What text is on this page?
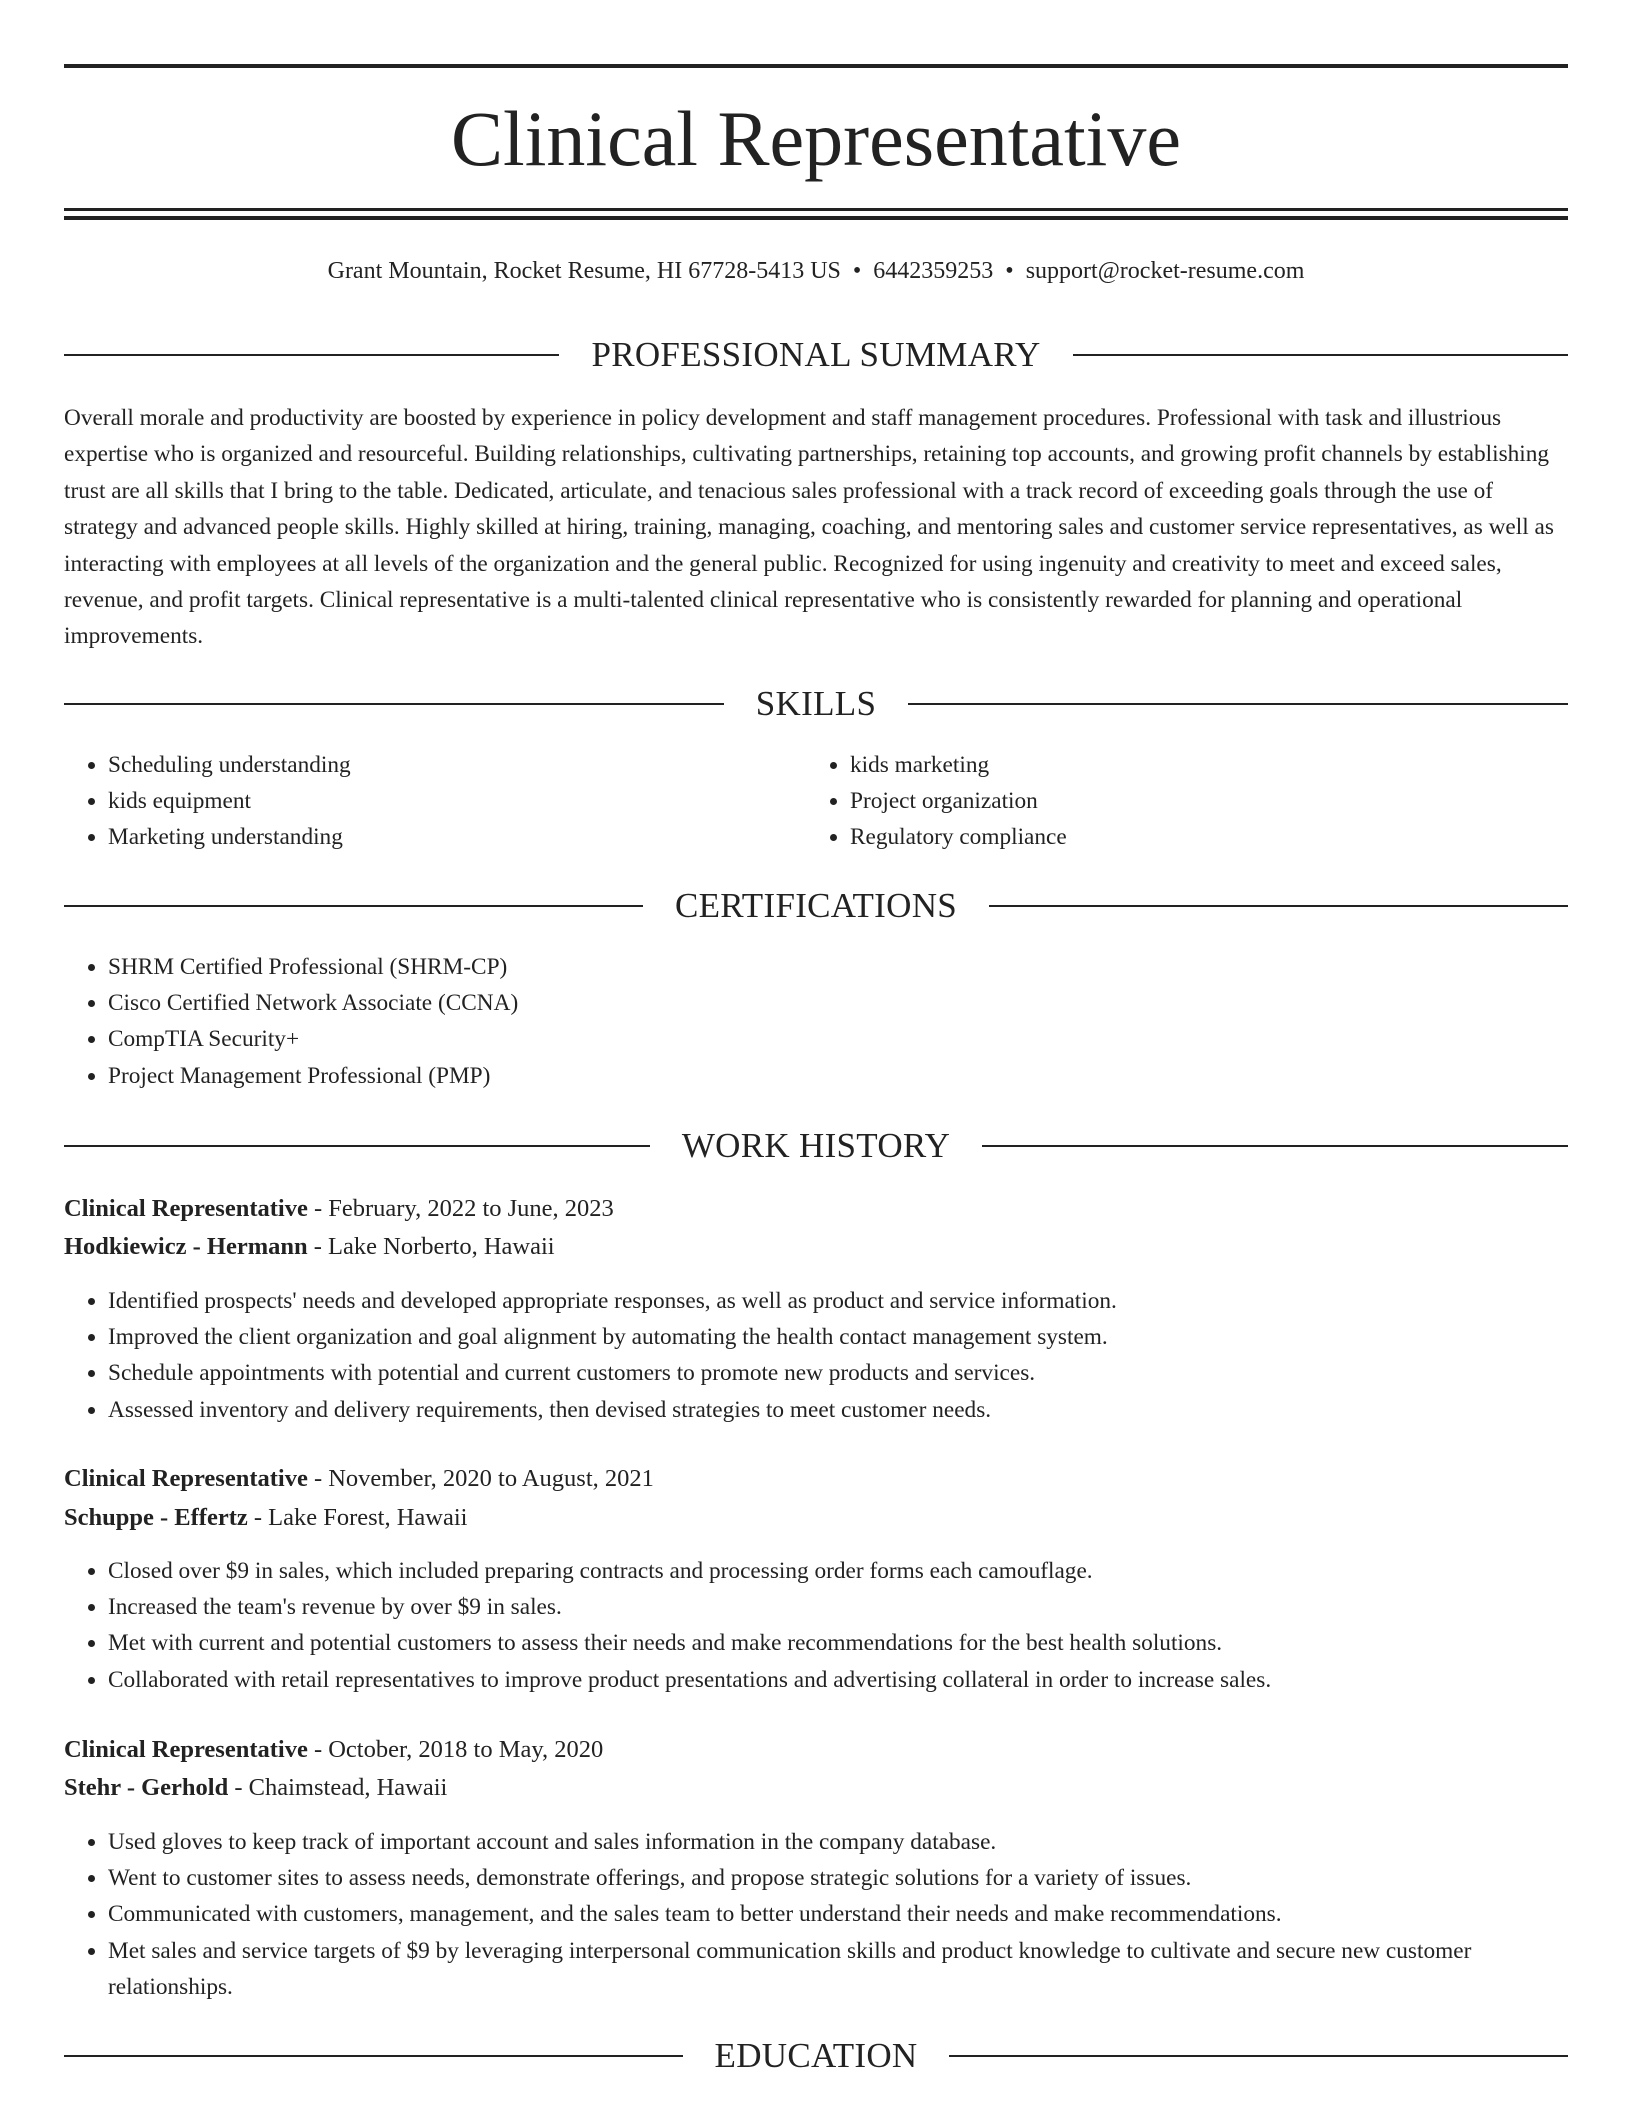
Clinical Representative
Grant Mountain, Rocket Resume, HI 67728-5413 US • 6442359253 • support@rocket-resume.com
PROFESSIONAL SUMMARY

Overall morale and productivity are boosted by experience in policy development and staff management procedures. Professional with task and illustrious expertise who is organized and resourceful. Building relationships, cultivating partnerships, retaining top accounts, and growing profit channels by establishing trust are all skills that I bring to the table. Dedicated, articulate, and tenacious sales professional with a track record of exceeding goals through the use of strategy and advanced people skills. Highly skilled at hiring, training, managing, coaching, and mentoring sales and customer service representatives, as well as interacting with employees at all levels of the organization and the general public. Recognized for using ingenuity and creativity to meet and exceed sales, revenue, and profit targets. Clinical representative is a multi-talented clinical representative who is consistently rewarded for planning and operational improvements.

SKILLS
• Scheduling understanding
• kids equipment
• Marketing understanding
• kids marketing
• Project organization
• Regulatory compliance
CERTIFICATIONS
• SHRM Certified Professional (SHRM-CP)
• Cisco Certified Network Associate (CCNA)
• CompTIA Security+
• Project Management Professional (PMP)
WORK HISTORY
Clinical Representative - February, 2022 to June, 2023
Hodkiewicz - Hermann - Lake Norberto, Hawaii
• Identified prospects' needs and developed appropriate responses, as well as product and service information.
• Improved the client organization and goal alignment by automating the health contact management system.
• Schedule appointments with potential and current customers to promote new products and services.
• Assessed inventory and delivery requirements, then devised strategies to meet customer needs.
Clinical Representative - November, 2020 to August, 2021
Schuppe - Effertz - Lake Forest, Hawaii
• Closed over $9 in sales, which included preparing contracts and processing order forms each camouflage.
• Increased the team's revenue by over $9 in sales.
• Met with current and potential customers to assess their needs and make recommendations for the best health solutions.
• Collaborated with retail representatives to improve product presentations and advertising collateral in order to increase sales.
Clinical Representative - October, 2018 to May, 2020
Stehr - Gerhold - Chaimstead, Hawaii
• Used gloves to keep track of important account and sales information in the company database.
• Went to customer sites to assess needs, demonstrate offerings, and propose strategic solutions for a variety of issues.
• Communicated with customers, management, and the sales team to better understand their needs and make recommendations.
• Met sales and service targets of $9 by leveraging interpersonal communication skills and product knowledge to cultivate and secure new customer relationships.
EDUCATION
